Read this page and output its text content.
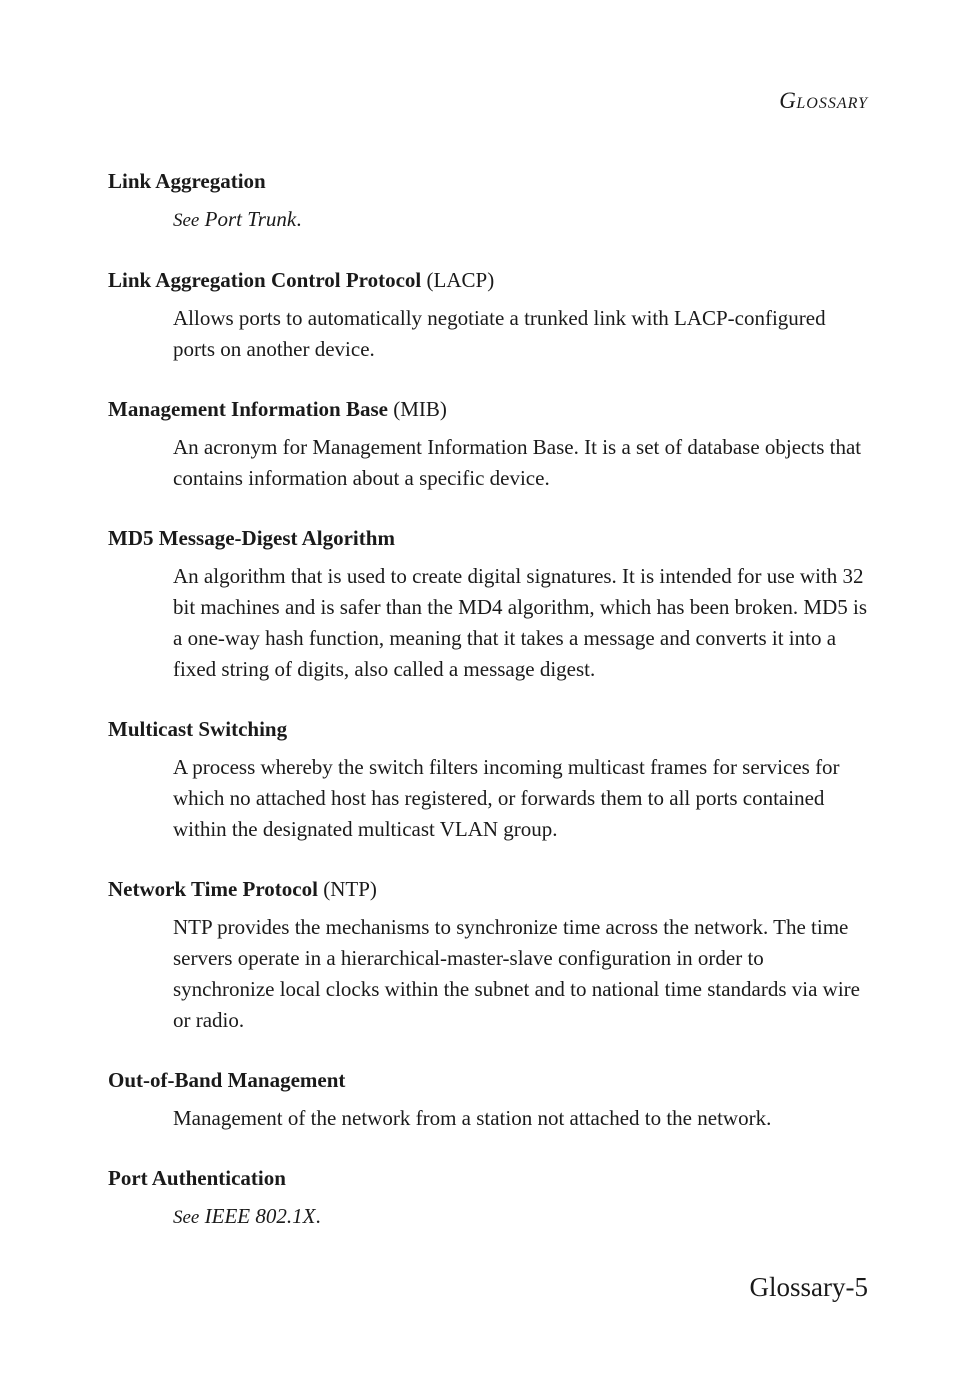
GLOSSARY
Link Aggregation
See Port Trunk.
Link Aggregation Control Protocol (LACP)
Allows ports to automatically negotiate a trunked link with LACP-configured ports on another device.
Management Information Base (MIB)
An acronym for Management Information Base. It is a set of database objects that contains information about a specific device.
MD5 Message-Digest Algorithm
An algorithm that is used to create digital signatures. It is intended for use with 32 bit machines and is safer than the MD4 algorithm, which has been broken. MD5 is a one-way hash function, meaning that it takes a message and converts it into a fixed string of digits, also called a message digest.
Multicast Switching
A process whereby the switch filters incoming multicast frames for services for which no attached host has registered, or forwards them to all ports contained within the designated multicast VLAN group.
Network Time Protocol (NTP)
NTP provides the mechanisms to synchronize time across the network. The time servers operate in a hierarchical-master-slave configuration in order to synchronize local clocks within the subnet and to national time standards via wire or radio.
Out-of-Band Management
Management of the network from a station not attached to the network.
Port Authentication
See IEEE 802.1X.
Glossary-5
